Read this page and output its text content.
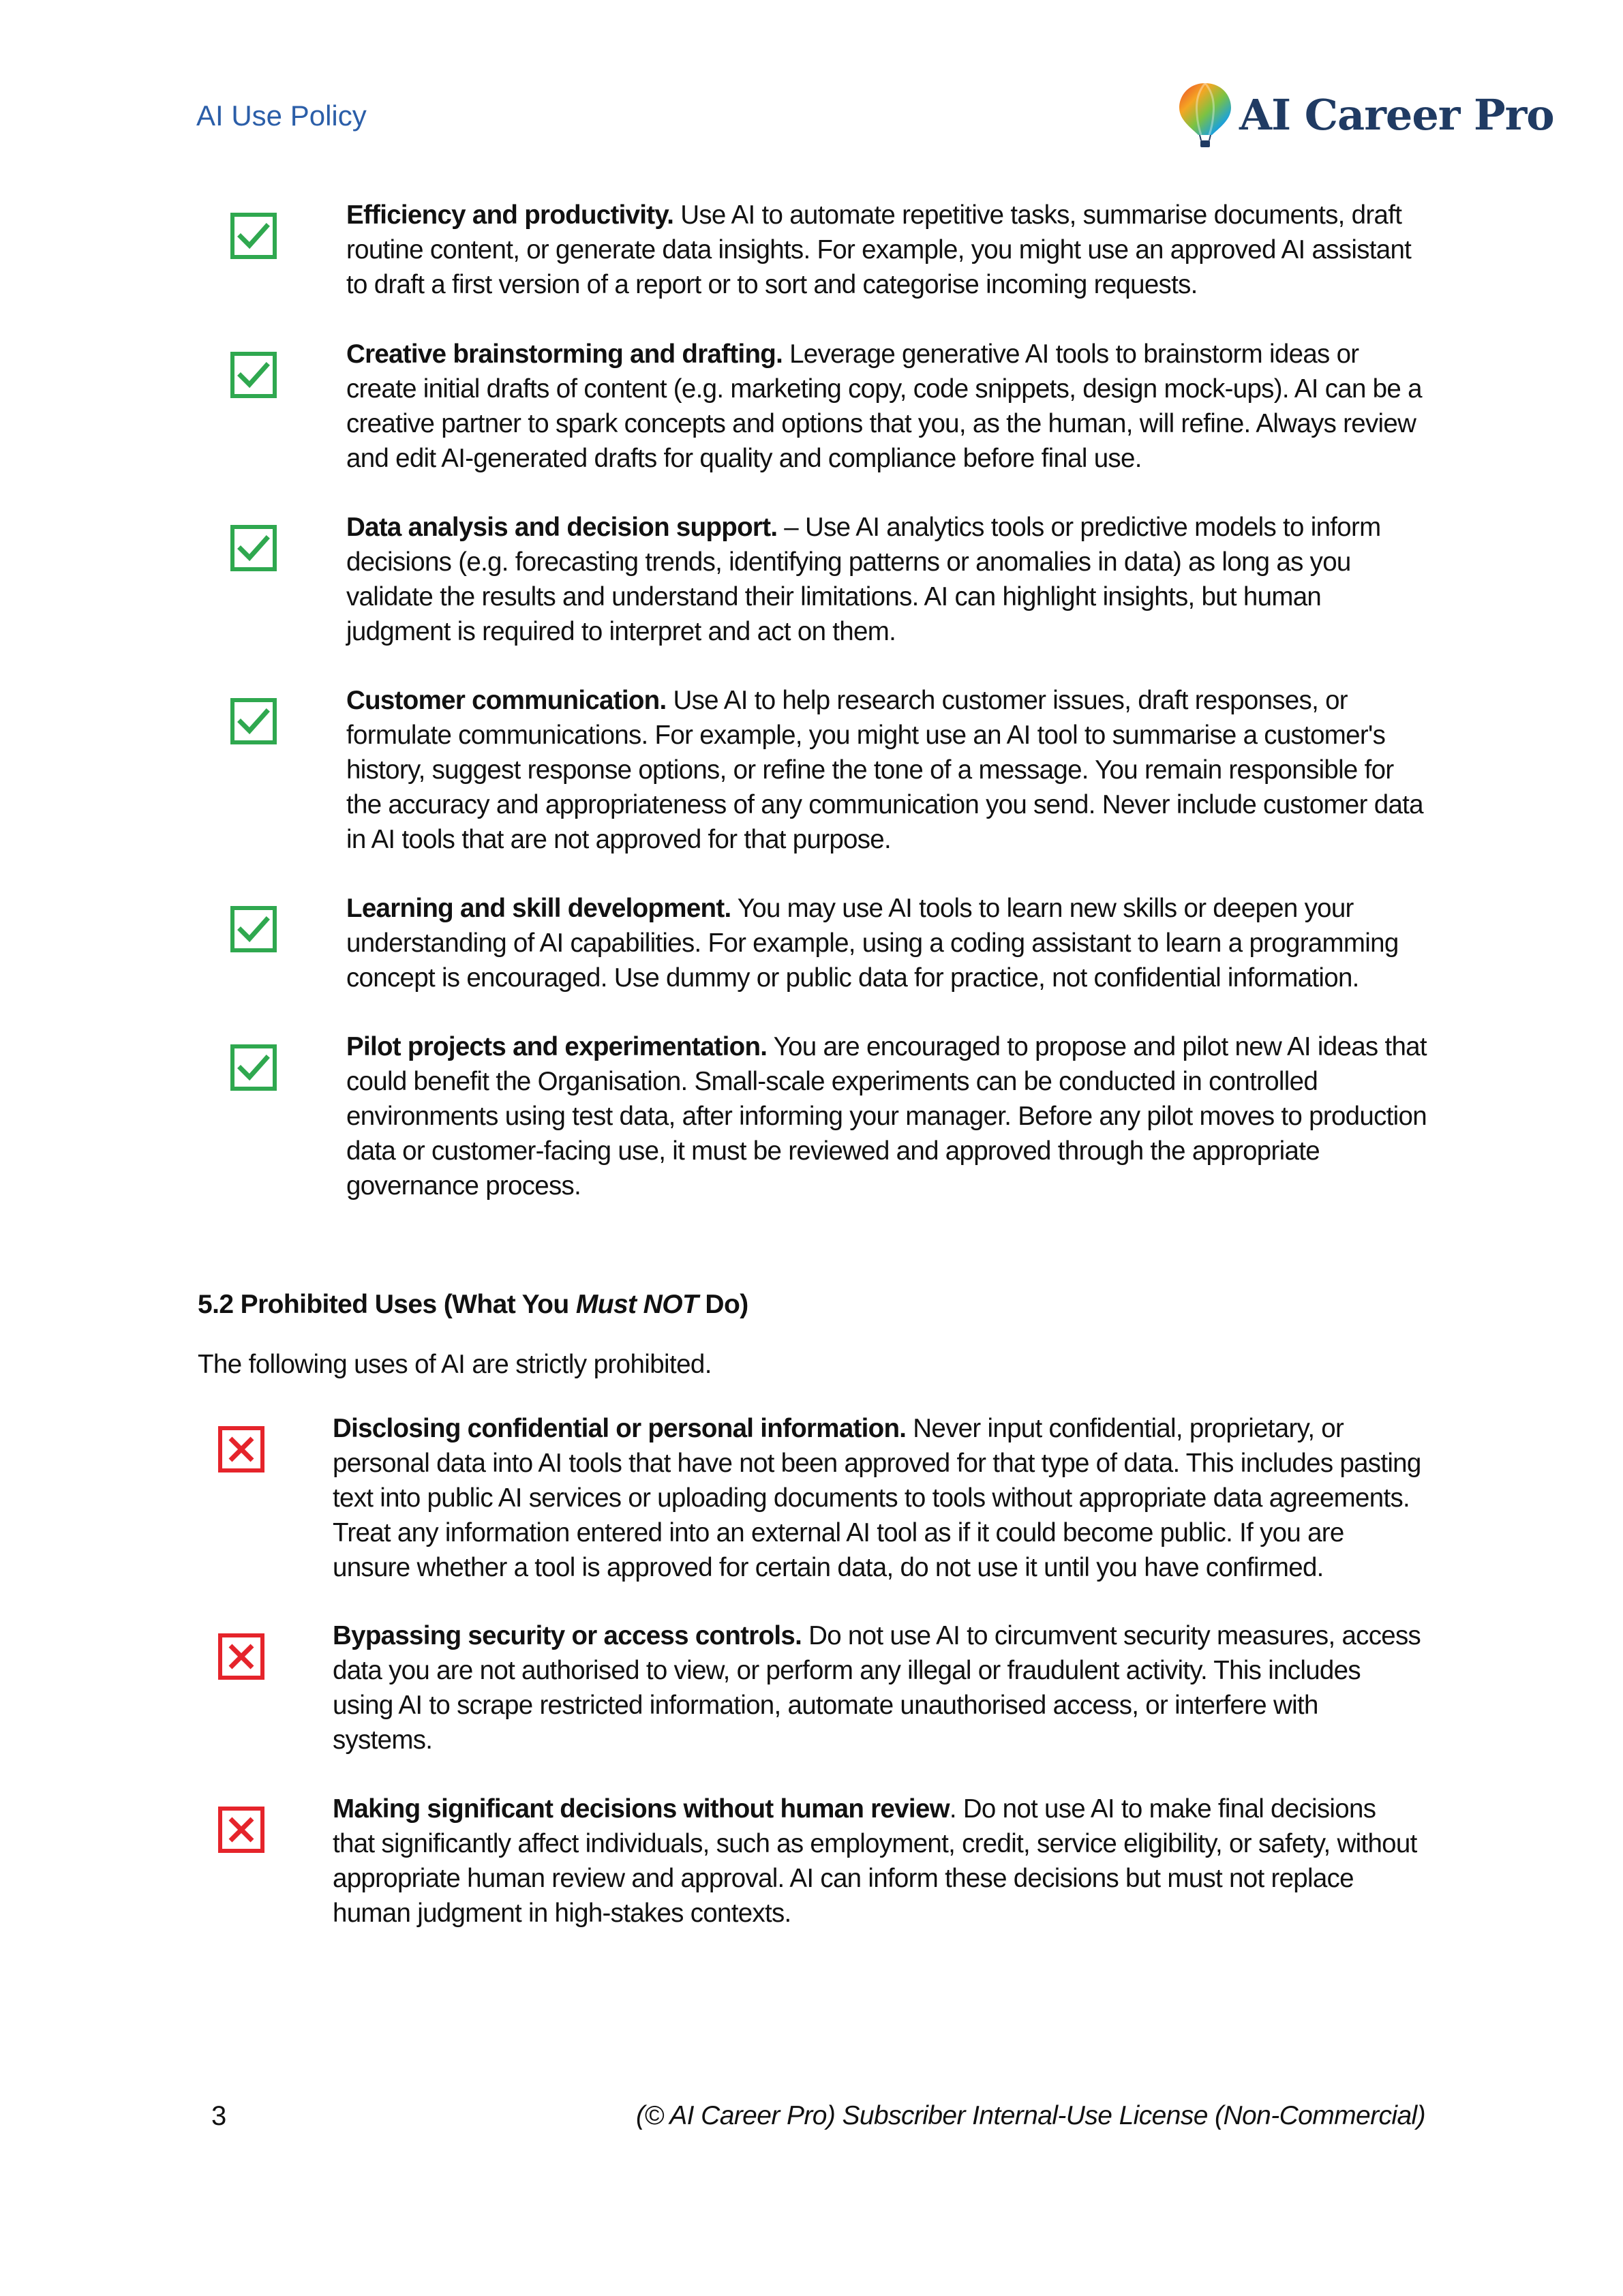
AI Use Policy	AI Career Pro

Efficiency and productivity. Use AI to automate repetitive tasks, summarise documents, draft routine content, or generate data insights. For example, you might use an approved AI assistant to draft a first version of a report or to sort and categorise incoming requests.

Creative brainstorming and drafting. Leverage generative AI tools to brainstorm ideas or create initial drafts of content (e.g. marketing copy, code snippets, design mock-ups). AI can be a creative partner to spark concepts and options that you, as the human, will refine. Always review and edit AI-generated drafts for quality and compliance before final use.

Data analysis and decision support. – Use AI analytics tools or predictive models to inform decisions (e.g. forecasting trends, identifying patterns or anomalies in data) as long as you validate the results and understand their limitations. AI can highlight insights, but human judgment is required to interpret and act on them.

Customer communication. Use AI to help research customer issues, draft responses, or formulate communications. For example, you might use an AI tool to summarise a customer's history, suggest response options, or refine the tone of a message. You remain responsible for the accuracy and appropriateness of any communication you send. Never include customer data in AI tools that are not approved for that purpose.

Learning and skill development. You may use AI tools to learn new skills or deepen your understanding of AI capabilities. For example, using a coding assistant to learn a programming concept is encouraged. Use dummy or public data for practice, not confidential information.

Pilot projects and experimentation. You are encouraged to propose and pilot new AI ideas that could benefit the Organisation. Small-scale experiments can be conducted in controlled environments using test data, after informing your manager. Before any pilot moves to production data or customer-facing use, it must be reviewed and approved through the appropriate governance process.

5.2 Prohibited Uses (What You Must NOT Do)

The following uses of AI are strictly prohibited.

Disclosing confidential or personal information. Never input confidential, proprietary, or personal data into AI tools that have not been approved for that type of data. This includes pasting text into public AI services or uploading documents to tools without appropriate data agreements. Treat any information entered into an external AI tool as if it could become public. If you are unsure whether a tool is approved for certain data, do not use it until you have confirmed.

Bypassing security or access controls. Do not use AI to circumvent security measures, access data you are not authorised to view, or perform any illegal or fraudulent activity. This includes using AI to scrape restricted information, automate unauthorised access, or interfere with systems.

Making significant decisions without human review. Do not use AI to make final decisions that significantly affect individuals, such as employment, credit, service eligibility, or safety, without appropriate human review and approval. AI can inform these decisions but must not replace human judgment in high-stakes contexts.

3	(© AI Career Pro) Subscriber Internal-Use License (Non-Commercial)
